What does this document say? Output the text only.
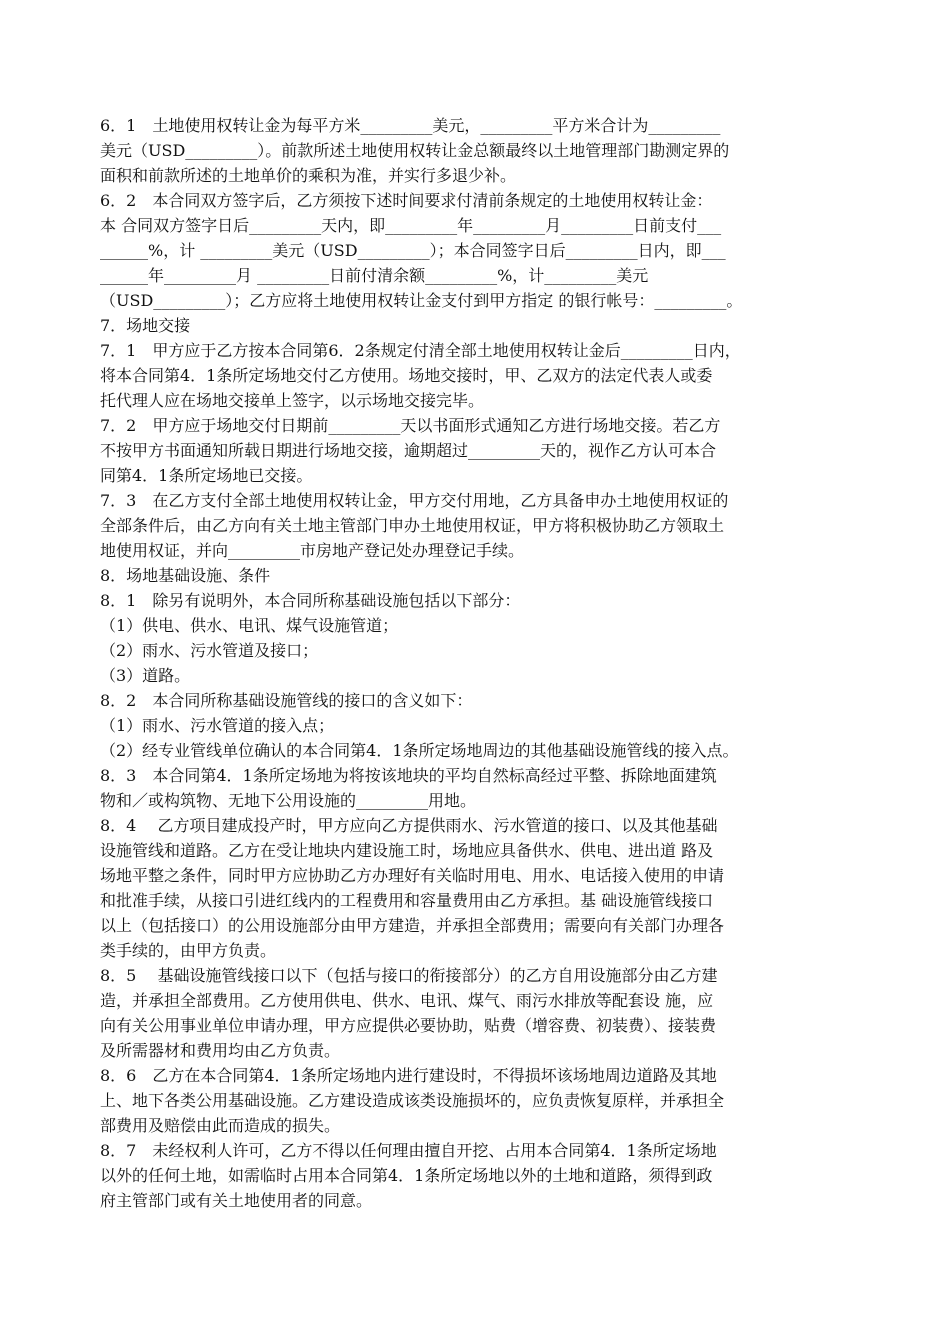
6．1　土地使用权转让金为每平方米_________美元，_________平方米合计为_________
美元（USD_________）。前款所述土地使用权转让金总额最终以土地管理部门勘测定界的
面积和前款所述的土地单价的乘积为准，并实行多退少补。
6．2　本合同双方签字后，乙方须按下述时间要求付清前条规定的土地使用权转让金：
本 合同双方签字日后_________天内，即_________年_________月_________日前支付___
______%，计 _________美元（USD_________）；本合同签字日后_________日内，即___
______年_________月 _________日前付清余额_________%，计_________美元
（USD_________）；乙方应将土地使用权转让金支付到甲方指定 的银行帐号：_________。
7．场地交接
7．1　甲方应于乙方按本合同第6．2条规定付清全部土地使用权转让金后_________日内，
将本合同第4．1条所定场地交付乙方使用。场地交接时，甲、乙双方的法定代表人或委
托代理人应在场地交接单上签字，以示场地交接完毕。
7．2　甲方应于场地交付日期前_________天以书面形式通知乙方进行场地交接。若乙方
不按甲方书面通知所载日期进行场地交接，逾期超过_________天的，视作乙方认可本合
同第4．1条所定场地已交接。
7．3　在乙方支付全部土地使用权转让金，甲方交付用地，乙方具备申办土地使用权证的
全部条件后，由乙方向有关土地主管部门申办土地使用权证，甲方将积极协助乙方领取土
地使用权证，并向_________市房地产登记处办理登记手续。
8．场地基础设施、条件
8．1　除另有说明外，本合同所称基础设施包括以下部分：
（1）供电、供水、电讯、煤气设施管道；
（2）雨水、污水管道及接口；
（3）道路。
8．2　本合同所称基础设施管线的接口的含义如下：
（1）雨水、污水管道的接入点；
（2）经专业管线单位确认的本合同第4．1条所定场地周边的其他基础设施管线的接入点。
8．3　本合同第4．1条所定场地为将按该地块的平均自然标高经过平整、拆除地面建筑
物和／或构筑物、无地下公用设施的_________用地。
8．4　 乙方项目建成投产时，甲方应向乙方提供雨水、污水管道的接口、以及其他基础
设施管线和道路。乙方在受让地块内建设施工时，场地应具备供水、供电、进出道 路及
场地平整之条件，同时甲方应协助乙方办理好有关临时用电、用水、电话接入使用的申请
和批准手续，从接口引进红线内的工程费用和容量费用由乙方承担。基 础设施管线接口
以上（包括接口）的公用设施部分由甲方建造，并承担全部费用；需要向有关部门办理各
类手续的，由甲方负责。
8．5　 基础设施管线接口以下（包括与接口的衔接部分）的乙方自用设施部分由乙方建
造，并承担全部费用。乙方使用供电、供水、电讯、煤气、雨污水排放等配套设 施，应
向有关公用事业单位申请办理，甲方应提供必要协助，贴费（增容费、初装费）、接装费
及所需器材和费用均由乙方负责。
8．6　乙方在本合同第4．1条所定场地内进行建设时，不得损坏该场地周边道路及其地
上、地下各类公用基础设施。乙方建设造成该类设施损坏的，应负责恢复原样，并承担全
部费用及赔偿由此而造成的损失。
8．7　未经权利人许可，乙方不得以任何理由擅自开挖、占用本合同第4．1条所定场地
以外的任何土地，如需临时占用本合同第4．1条所定场地以外的土地和道路，须得到政
府主管部门或有关土地使用者的同意。
